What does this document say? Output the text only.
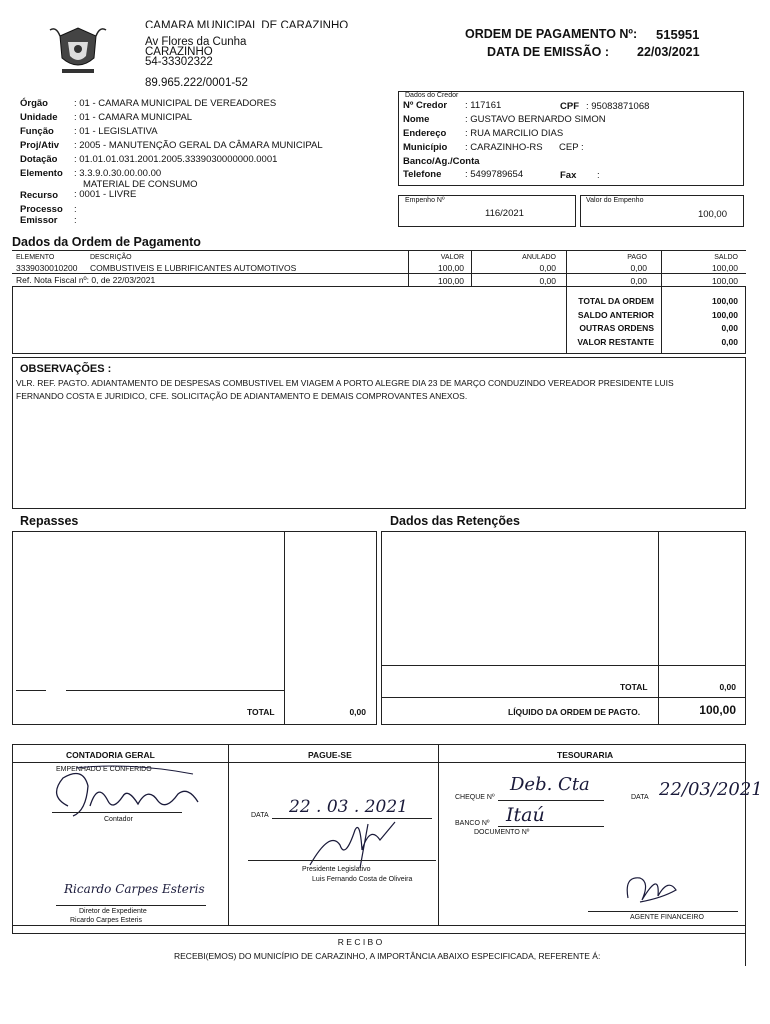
CAMARA MUNICIPAL DE CARAZINHO
Av Flores da Cunha
CARAZINHO
54-33302322
89.965.222/0001-52
ORDEM DE PAGAMENTO Nº: 515951
DATA DE EMISSÃO : 22/03/2021
Órgão	: 01 - CAMARA MUNICIPAL DE VEREADORES
Unidade : 01 - CAMARA MUNICIPAL
Função : 01 - LEGISLATIVA
Proj/Ativ : 2005 - MANUTENÇÃO GERAL DA CÂMARA MUNICIPAL
Dotação : 01.01.01.031.2001.2005.3339030000000.0001
Elemento : 3.3.9.0.30.00.00.00
MATERIAL DE CONSUMO
Recurso : 0001 - LIVRE
Processo :
Emissor :
Dados do Credor
Nº Credor : 117161	CPF : 95083871068
Nome	: GUSTAVO BERNARDO SIMON
Endereço : RUA MARCILIO DIAS
Município : CARAZINHO-RS CEP :
Banco/Ag./Conta
Telefone : 5499789654	Fax :
Empenho Nº
116/2021
Valor do Empenho
100,00
Dados da Ordem de Pagamento
ELEMENTO	DESCRIÇÃO	VALOR	ANULADO	PAGO	SALDO
3339030010200 COMBUSTIVEIS E LUBRIFICANTES AUTOMOTIVOS	100,00	0,00	0,00	100,00
Ref. Nota Fiscal nº: 0, de 22/03/2021	100,00	0,00	0,00	100,00
TOTAL DA ORDEM	100,00
SALDO ANTERIOR	100,00
OUTRAS ORDENS	0,00
VALOR RESTANTE	0,00
OBSERVAÇÕES :
VLR. REF. PAGTO. ADIANTAMENTO DE DESPESAS COMBUSTIVEL EM VIAGEM A PORTO ALEGRE DIA 23 DE MARÇO CONDUZINDO VEREADOR PRESIDENTE LUIS
FERNANDO COSTA E JURIDICO, CFE. SOLICITAÇÃO DE ADIANTAMENTO E DEMAIS COMPROVANTES ANEXOS.
Repasses
TOTAL	0,00
Dados das Retenções
TOTAL	0,00
LÍQUIDO DA ORDEM DE PAGTO.	100,00
CONTADORIA GERAL	PAGUE-SE	TESOURARIA
EMPENHADO E CONFERIDO
Contador
Ricardo Carpes Esteris
Diretor de Expediente
Ricardo Carpes Esteris
DATA 22 . 03 . 2021
Presidente Legislativo
Luis Fernando Costa de Oliveira
CHEQUE Nº
Deb. Cta
BANCO Nº Itaú
DOCUMENTO Nº
DATA 22/03/2021
AGENTE FINANCEIRO
R E C I B O
RECEBI(EMOS) DO MUNICÍPIO DE CARAZINHO, A IMPORTÂNCIA ABAIXO ESPECIFICADA, REFERENTE Á:
